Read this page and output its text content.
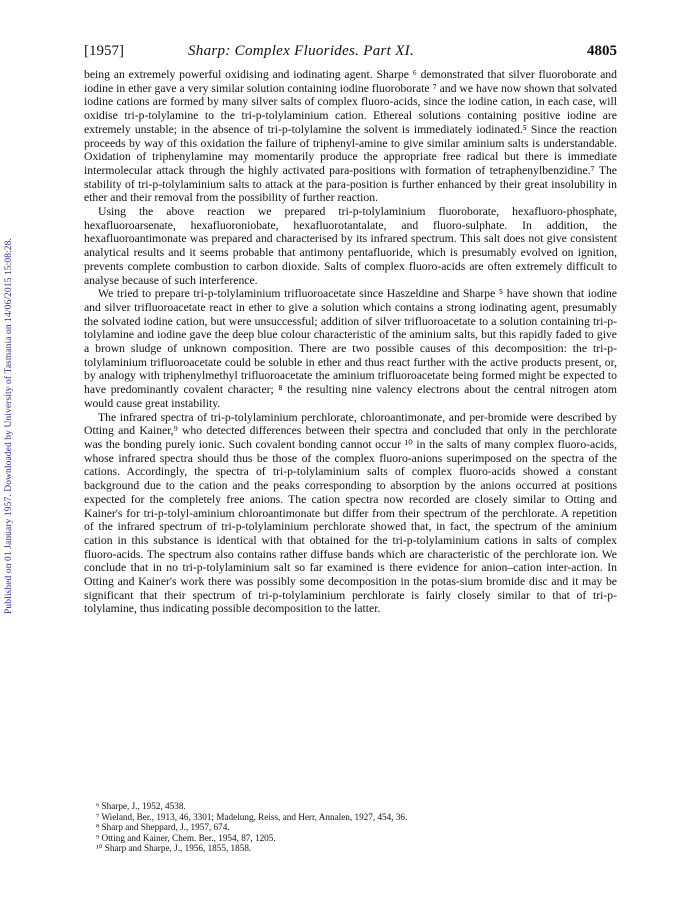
Published on 01 January 1957. Downloaded by University of Tasmania on 14/06/2015 15:08:28.
[1957]	Sharp: Complex Fluorides. Part XI.	4805

being an extremely powerful oxidising and iodinating agent. Sharpe ⁶ demonstrated that silver fluoroborate and iodine in ether gave a very similar solution containing iodine fluoroborate ⁷ and we have now shown that solvated iodine cations are formed by many silver salts of complex fluoro-acids, since the iodine cation, in each case, will oxidise tri-p-tolylamine to the tri-p-tolylaminium cation. Ethereal solutions containing positive iodine are extremely unstable; in the absence of tri-p-tolylamine the solvent is immediately iodinated.⁵ Since the reaction proceeds by way of this oxidation the failure of triphenyl-amine to give similar aminium salts is understandable. Oxidation of triphenylamine may momentarily produce the appropriate free radical but there is immediate intermolecular attack through the highly activated para-positions with formation of tetraphenylbenzidine.⁷ The stability of tri-p-tolylaminium salts to attack at the para-position is further enhanced by their great insolubility in ether and their removal from the possibility of further reaction.

Using the above reaction we prepared tri-p-tolylaminium fluoroborate, hexafluoro-phosphate, hexafluoroarsenate, hexafluoroniobate, hexafluorotantalate, and fluoro-sulphate. In addition, the hexafluoroantimonate was prepared and characterised by its infrared spectrum. This salt does not give consistent analytical results and it seems probable that antimony pentafluoride, which is presumably evolved on ignition, prevents complete combustion to carbon dioxide. Salts of complex fluoro-acids are often extremely difficult to analyse because of such interference.

We tried to prepare tri-p-tolylaminium trifluoroacetate since Haszeldine and Sharpe ⁵ have shown that iodine and silver trifluoroacetate react in ether to give a solution which contains a strong iodinating agent, presumably the solvated iodine cation, but were unsuccessful; addition of silver trifluoroacetate to a solution containing tri-p-tolylamine and iodine gave the deep blue colour characteristic of the aminium salts, but this rapidly faded to give a brown sludge of unknown composition. There are two possible causes of this decomposition: the tri-p-tolylaminium trifluoroacetate could be soluble in ether and thus react further with the active products present, or, by analogy with triphenylmethyl trifluoroacetate the aminium trifluoroacetate being formed might be expected to have predominantly covalent character; ⁸ the resulting nine valency electrons about the central nitrogen atom would cause great instability.

The infrared spectra of tri-p-tolylaminium perchlorate, chloroantimonate, and per-bromide were described by Otting and Kainer,⁹ who detected differences between their spectra and concluded that only in the perchlorate was the bonding purely ionic. Such covalent bonding cannot occur ¹⁰ in the salts of many complex fluoro-acids, whose infrared spectra should thus be those of the complex fluoro-anions superimposed on the spectra of the cations. Accordingly, the spectra of tri-p-tolylaminium salts of complex fluoro-acids showed a constant background due to the cation and the peaks corresponding to absorption by the anions occurred at positions expected for the completely free anions. The cation spectra now recorded are closely similar to Otting and Kainer's for tri-p-tolyl-aminium chloroantimonate but differ from their spectrum of the perchlorate. A repetition of the infrared spectrum of tri-p-tolylaminium perchlorate showed that, in fact, the spectrum of the aminium cation in this substance is identical with that obtained for the tri-p-tolylaminium cations in salts of complex fluoro-acids. The spectrum also contains rather diffuse bands which are characteristic of the perchlorate ion. We conclude that in no tri-p-tolylaminium salt so far examined is there evidence for anion–cation inter-action. In Otting and Kainer's work there was possibly some decomposition in the potas-sium bromide disc and it may be significant that their spectrum of tri-p-tolylaminium perchlorate is fairly closely similar to that of tri-p-tolylamine, thus indicating possible decomposition to the latter.

⁶ Sharpe, J., 1952, 4538.
⁷ Wieland, Ber., 1913, 46, 3301; Madelung, Reiss, and Herr, Annalen, 1927, 454, 36.
⁸ Sharp and Sheppard, J., 1957, 674.
⁹ Otting and Kainer, Chem. Ber., 1954, 87, 1205.
¹⁰ Sharp and Sharpe, J., 1956, 1855, 1858.
